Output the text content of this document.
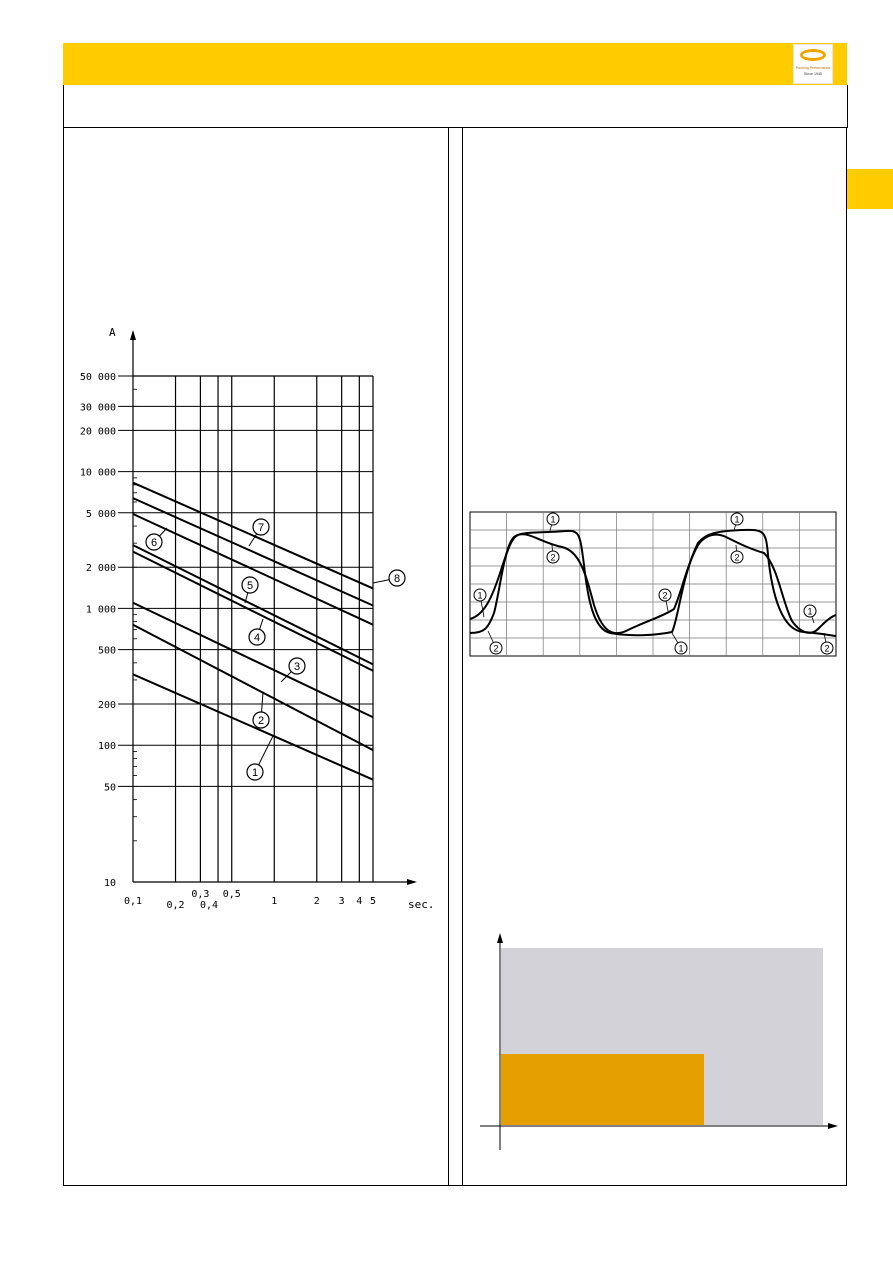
Pushing Performance
Since 1945
50 000
30 000
20 000
10 000
5 000
2 000
1 000
500
200
100
50
10
0,1 0,2
0,3
0,4
0,5
1	2 3 4 5
A
sec.
1
2
3
4
5
6
7
8
1
2
1
2
2
1
1
2
1
2
